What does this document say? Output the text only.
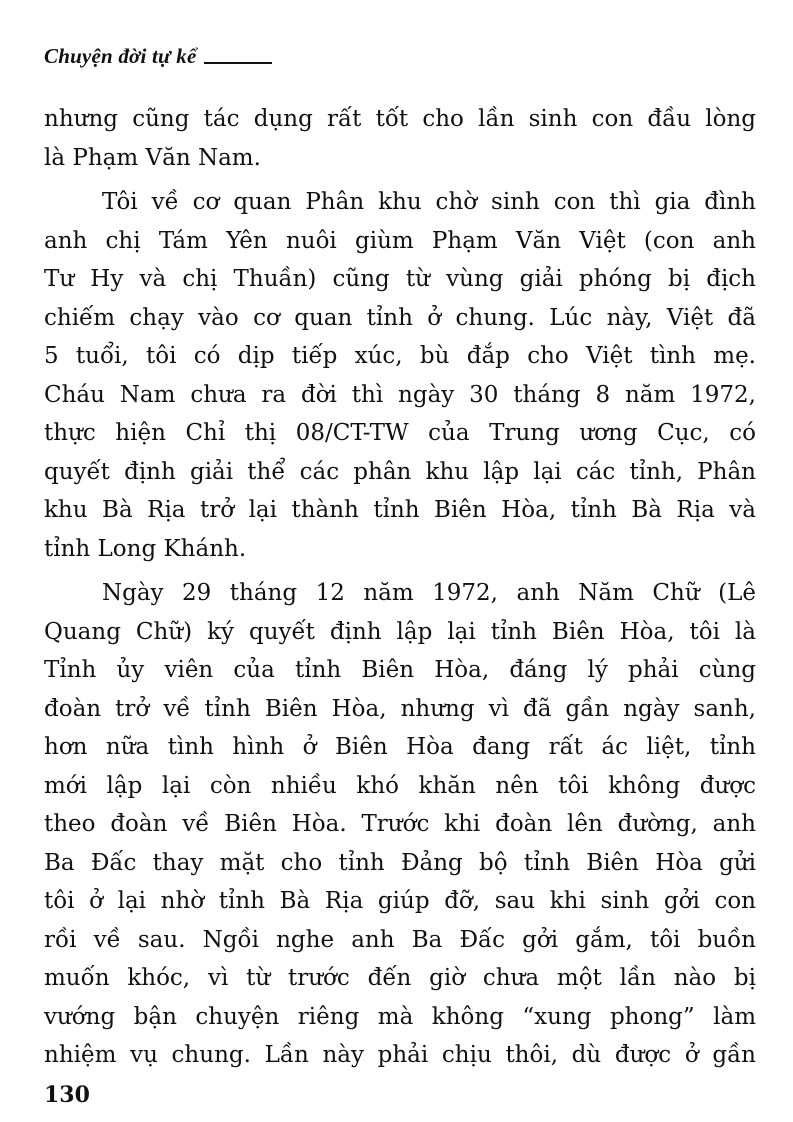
Chuyện đời tự kể
nhưng cũng tác dụng rất tốt cho lần sinh con đầu lòng
là Phạm Văn Nam.
Tôi về cơ quan Phân khu chờ sinh con thì gia đình
anh chị Tám Yên nuôi giùm Phạm Văn Việt (con anh
Tư Hy và chị Thuần) cũng từ vùng giải phóng bị địch
chiếm chạy vào cơ quan tỉnh ở chung. Lúc này, Việt đã
5 tuổi, tôi có dịp tiếp xúc, bù đắp cho Việt tình mẹ.
Cháu Nam chưa ra đời thì ngày 30 tháng 8 năm 1972,
thực hiện Chỉ thị 08/CT-TW của Trung ương Cục, có
quyết định giải thể các phân khu lập lại các tỉnh, Phân
khu Bà Rịa trở lại thành tỉnh Biên Hòa, tỉnh Bà Rịa và
tỉnh Long Khánh.
Ngày 29 tháng 12 năm 1972, anh Năm Chữ (Lê
Quang Chữ) ký quyết định lập lại tỉnh Biên Hòa, tôi là
Tỉnh ủy viên của tỉnh Biên Hòa, đáng lý phải cùng
đoàn trở về tỉnh Biên Hòa, nhưng vì đã gần ngày sanh,
hơn nữa tình hình ở Biên Hòa đang rất ác liệt, tỉnh
mới lập lại còn nhiều khó khăn nên tôi không được
theo đoàn về Biên Hòa. Trước khi đoàn lên đường, anh
Ba Đấc thay mặt cho tỉnh Đảng bộ tỉnh Biên Hòa gửi
tôi ở lại nhờ tỉnh Bà Rịa giúp đỡ, sau khi sinh gởi con
rồi về sau. Ngồi nghe anh Ba Đấc gởi gắm, tôi buồn
muốn khóc, vì từ trước đến giờ chưa một lần nào bị
vướng bận chuyện riêng mà không “xung phong” làm
nhiệm vụ chung. Lần này phải chịu thôi, dù được ở gần
130
